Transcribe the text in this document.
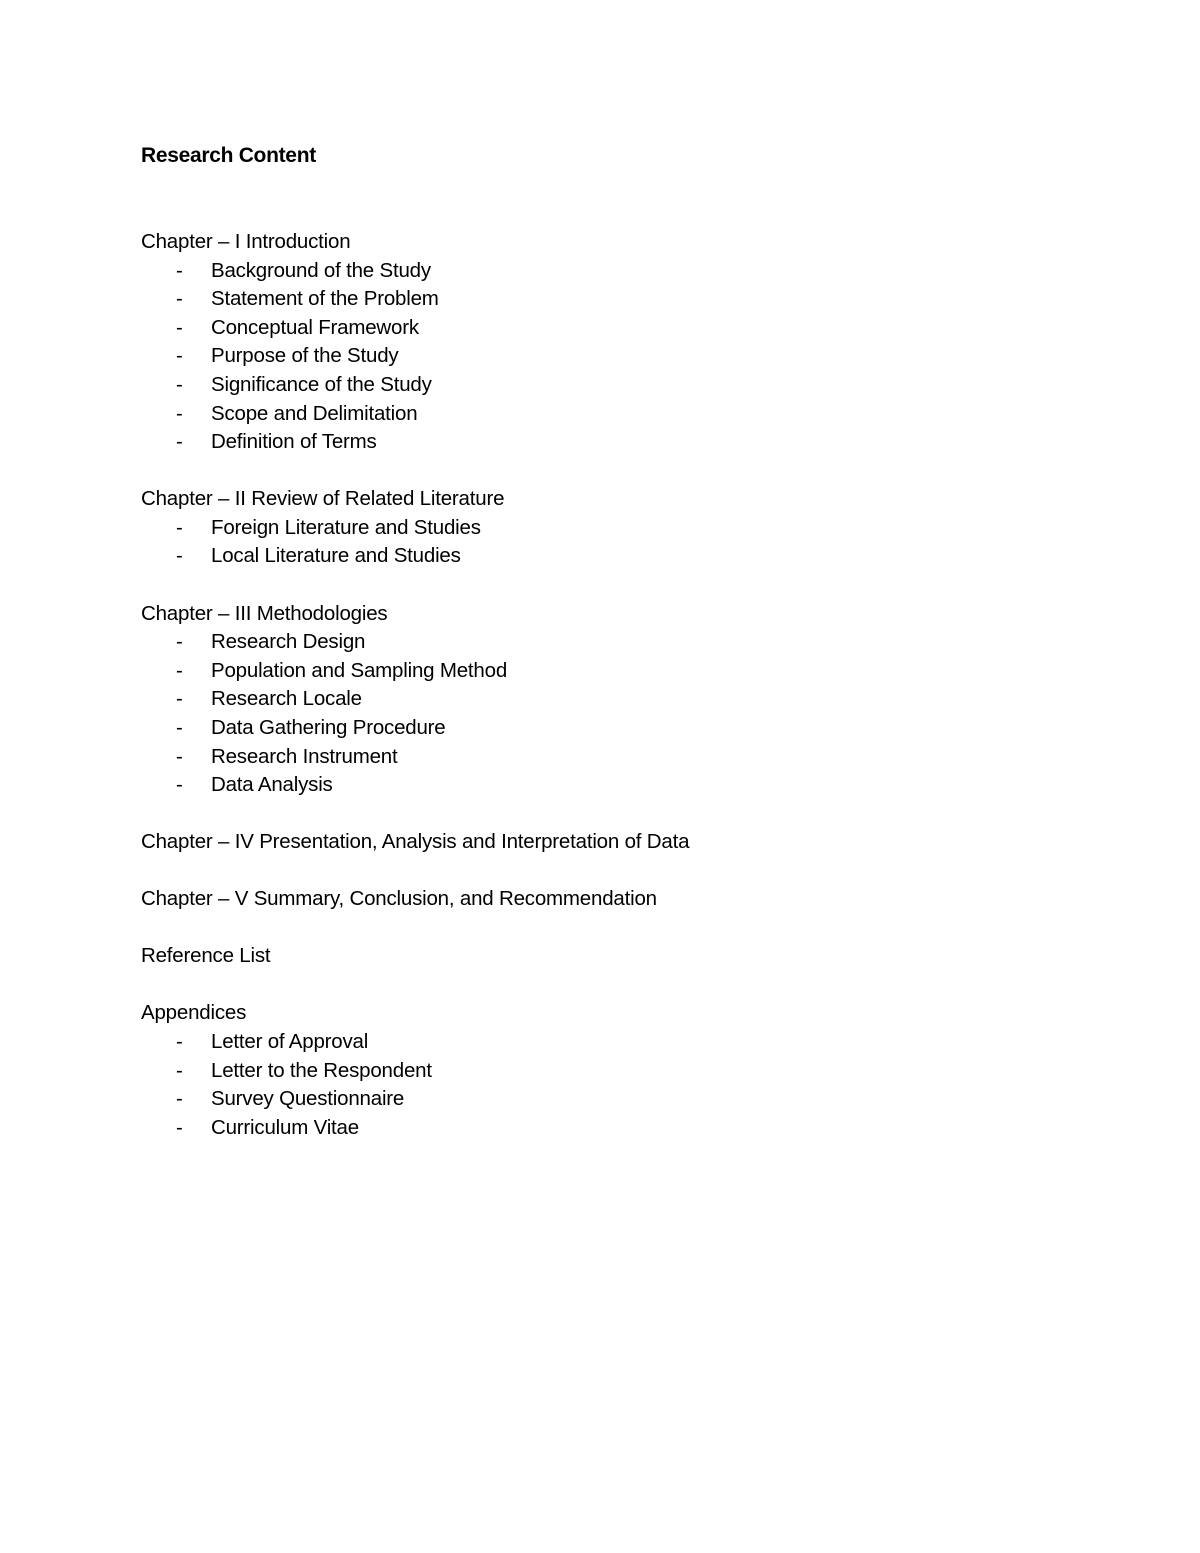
Research Content
Chapter – I Introduction
- Background of the Study
- Statement of the Problem
- Conceptual Framework
- Purpose of the Study
- Significance of the Study
- Scope and Delimitation
- Definition of Terms
Chapter – II Review of Related Literature
- Foreign Literature and Studies
- Local Literature and Studies
Chapter – III Methodologies
- Research Design
- Population and Sampling Method
- Research Locale
- Data Gathering Procedure
- Research Instrument
- Data Analysis
Chapter – IV Presentation, Analysis and Interpretation of Data
Chapter – V Summary, Conclusion, and Recommendation
Reference List
Appendices
- Letter of Approval
- Letter to the Respondent
- Survey Questionnaire
- Curriculum Vitae
